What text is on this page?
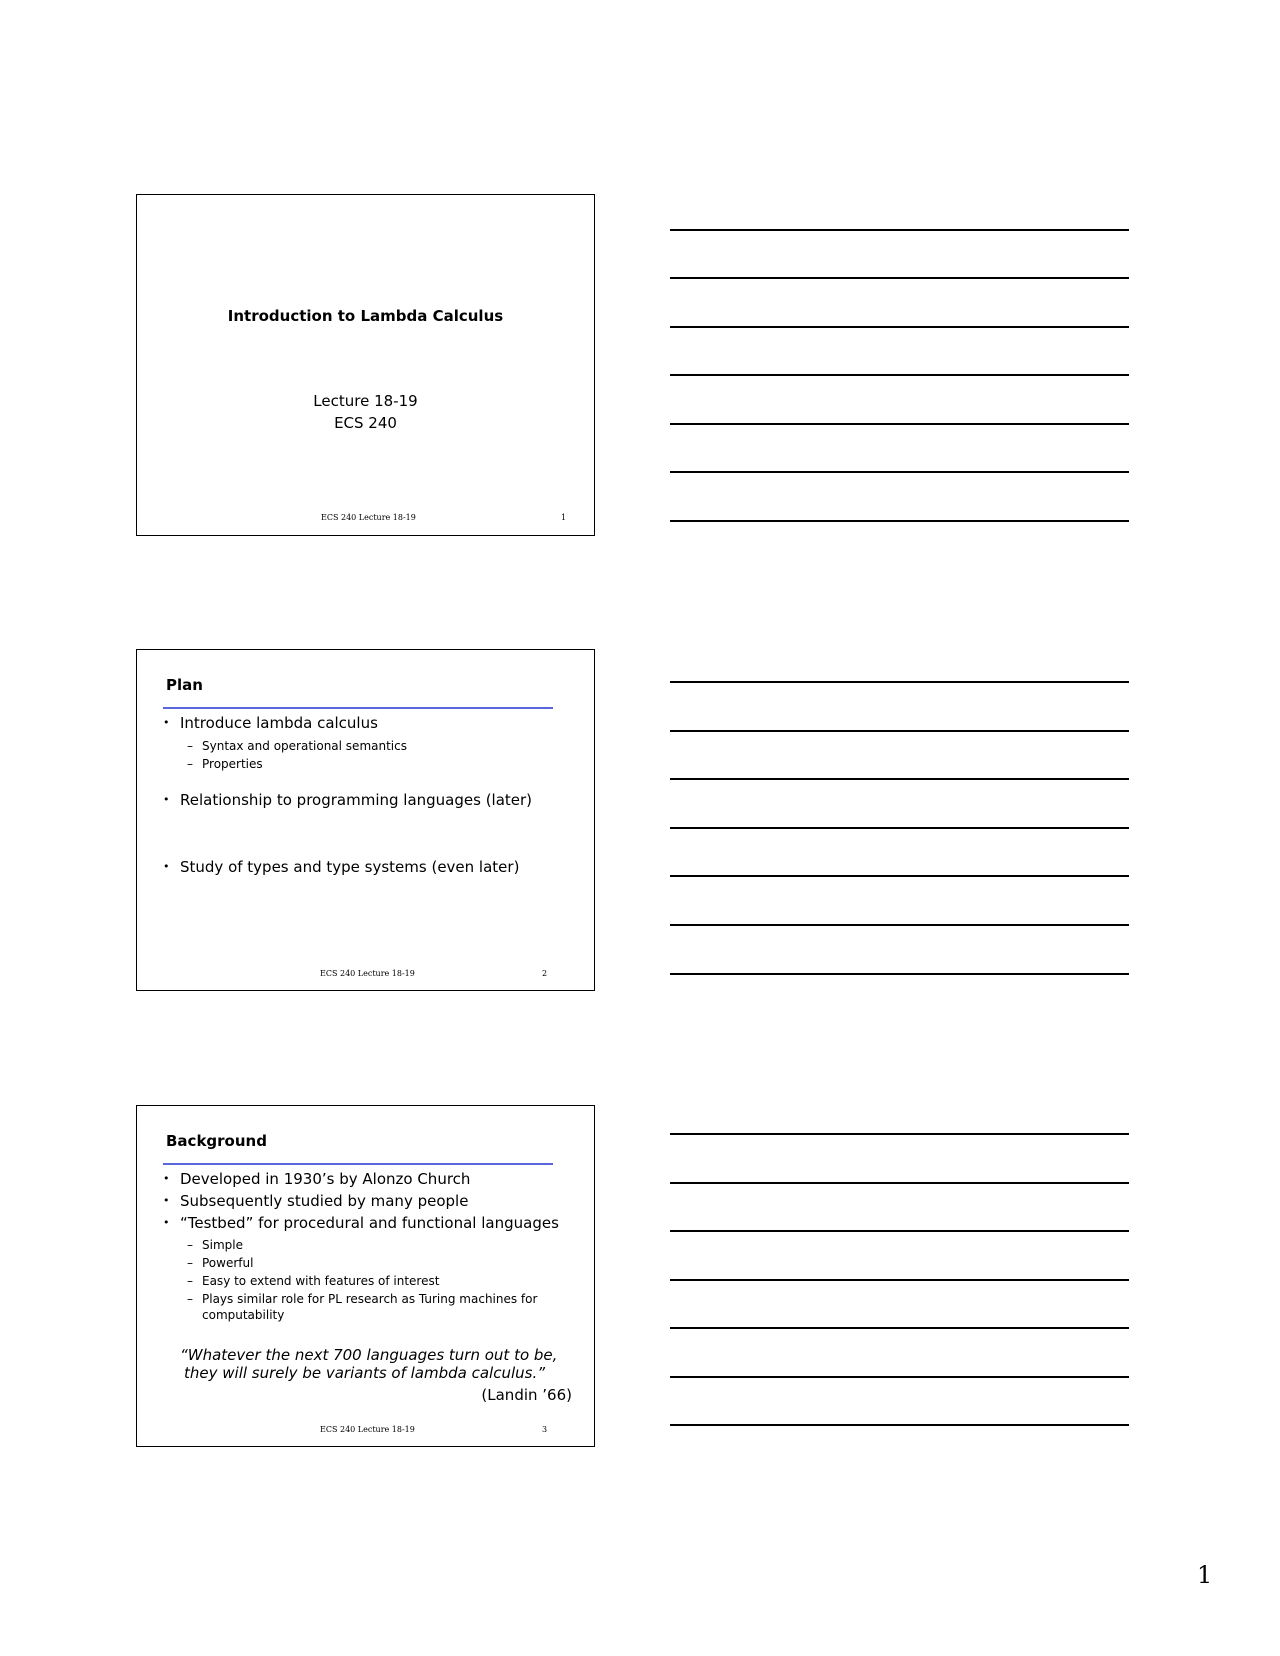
Introduction to Lambda Calculus
Lecture 18-19
ECS 240
ECS 240 Lecture 18-19	1
Plan
• Introduce lambda calculus
– Syntax and operational semantics
– Properties
• Relationship to programming languages (later)
• Study of types and type systems (even later)
ECS 240 Lecture 18-19	2
Background
• Developed in 1930’s by Alonzo Church
• Subsequently studied by many people
• “Testbed” for procedural and functional languages
– Simple
– Powerful
– Easy to extend with features of interest
– Plays similar role for PL research as Turing machines for
computability
“Whatever the next 700 languages turn out to be,
they will surely be variants of lambda calculus.”
(Landin ’66)
ECS 240 Lecture 18-19	3
1
